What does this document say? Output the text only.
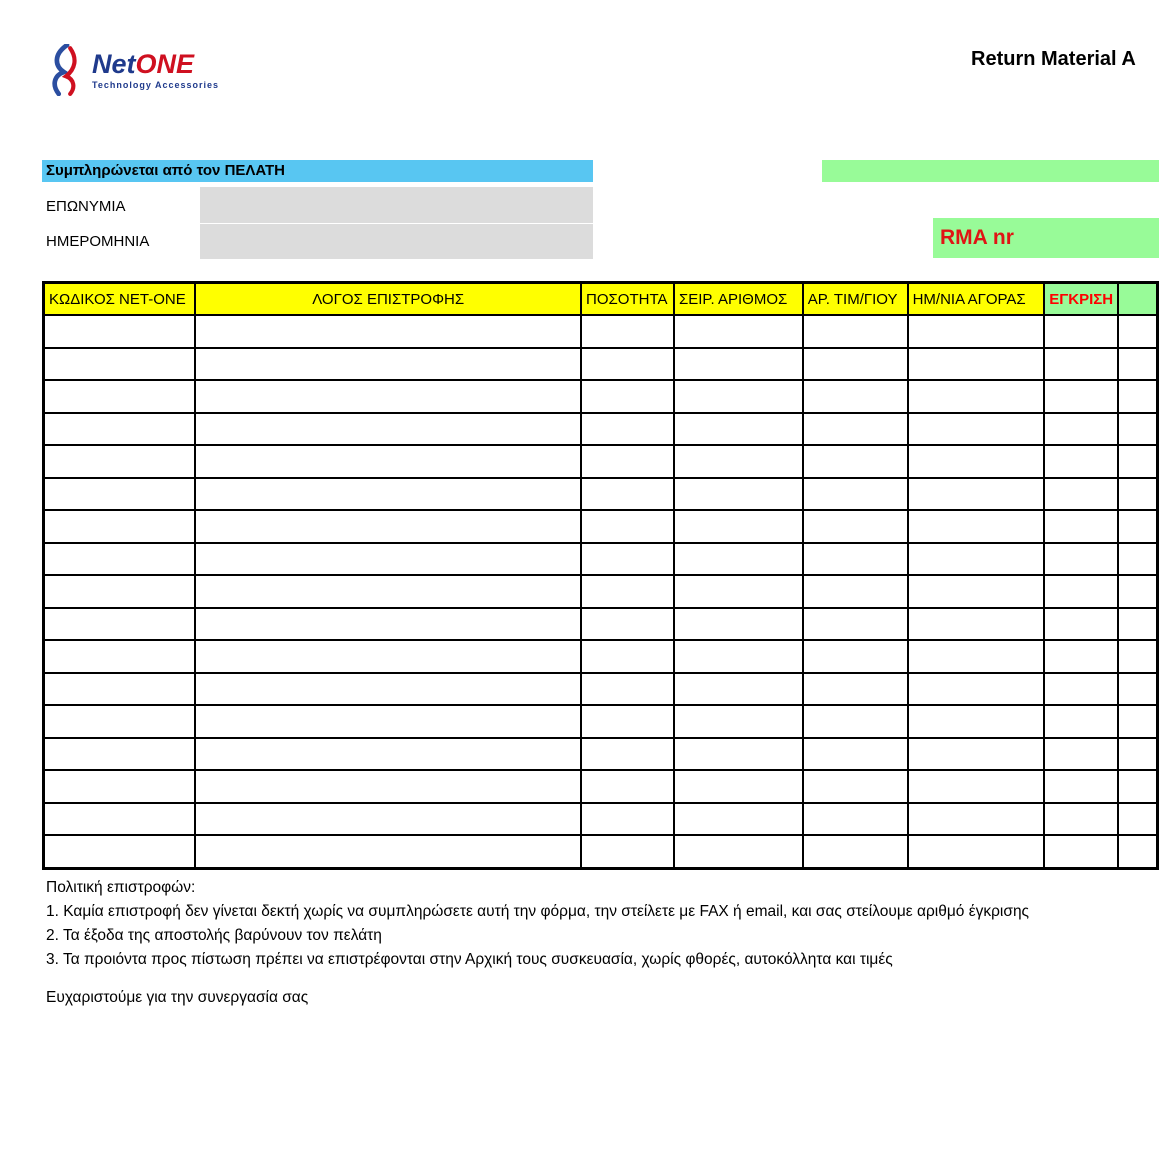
NetONE
Technology Accessories
Return Material A
Συμπληρώνεται από τον ΠΕΛΑΤΗ
ΕΠΩΝΥΜΙΑ
ΗΜΕΡΟΜΗΝΙΑ	RMA nr
ΚΩΔΙΚΟΣ NET-ONE	ΛΟΓΟΣ ΕΠΙΣΤΡΟΦΗΣ	ΠΟΣΟΤΗΤΑ	ΣΕΙΡ. ΑΡΙΘΜΟΣ	ΑΡ. ΤΙΜ/ΓΙΟΥ	ΗΜ/ΝΙΑ ΑΓΟΡΑΣ	ΕΓΚΡΙΣΗ	

Πολιτική επιστροφών:
1. Καμία επιστροφή δεν γίνεται δεκτή χωρίς να συμπληρώσετε αυτή την φόρμα, την στείλετε με FAX ή email, και σας στείλουμε αριθμό έγκρισης
2. Τα έξοδα της αποστολής βαρύνουν τον πελάτη
3. Τα προιόντα προς πίστωση πρέπει να επιστρέφονται στην Αρχική τους συσκευασία, χωρίς φθορές, αυτοκόλλητα και τιμές
Ευχαριστούμε για την συνεργασία σας
